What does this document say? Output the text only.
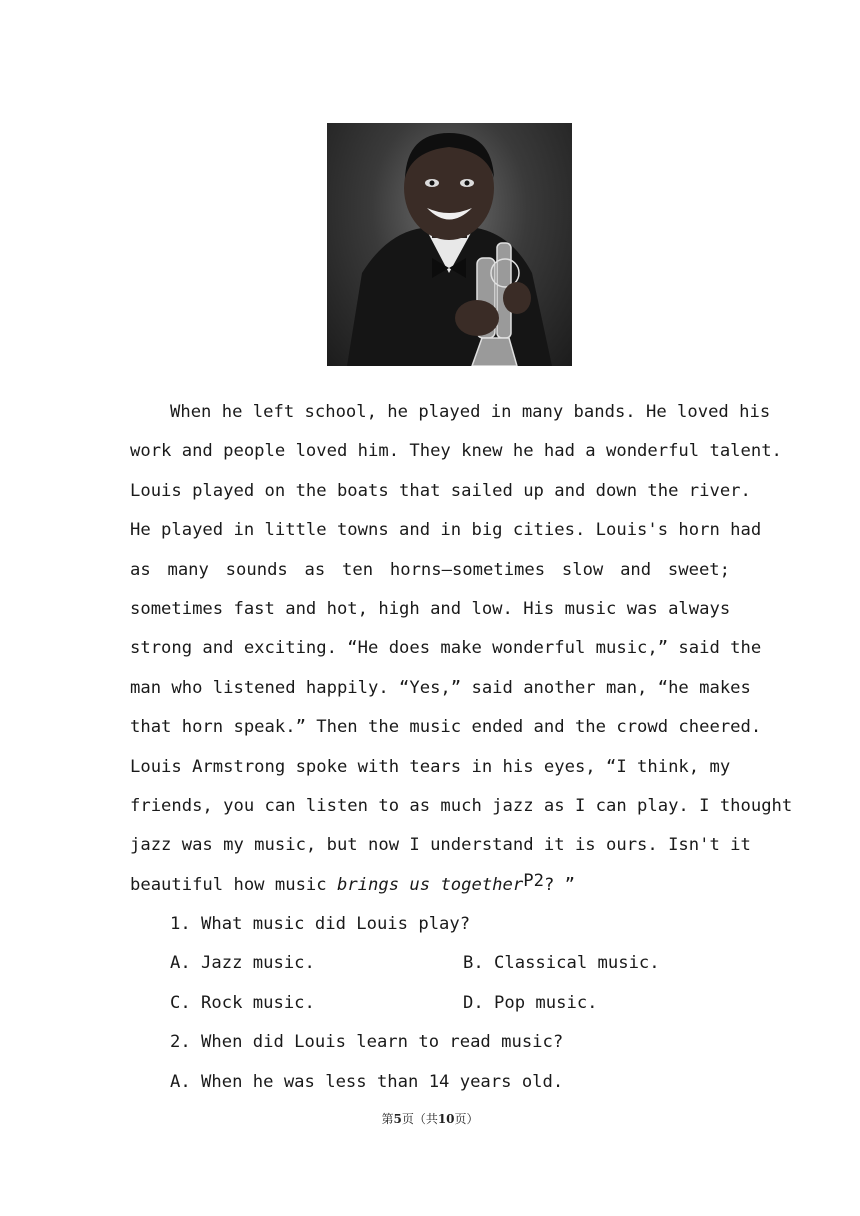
When he left school, he played in many bands. He loved his
work and people loved him. They knew he had a wonderful talent.
Louis played on the boats that sailed up and down the river.
He played in little towns and in big cities. Louis's horn had
as many sounds as ten horns—sometimes slow and sweet;
sometimes fast and hot, high and low. His music was always
strong and exciting. “He does make wonderful music,” said the
man who listened happily. “Yes,” said another man, “he makes
that horn speak.” Then the music ended and the crowd cheered.
Louis Armstrong spoke with tears in his eyes, “I think, my
friends, you can listen to as much jazz as I can play. I thought
jazz was my music, but now I understand it is ours. Isn't it
beautiful how music brings us togetherP2? ”
1. What music did Louis play?
A. Jazz music.	B. Classical music.
C. Rock music.	D. Pop music.
2. When did Louis learn to read music?
A. When he was less than 14 years old.
第5页（共10页）
